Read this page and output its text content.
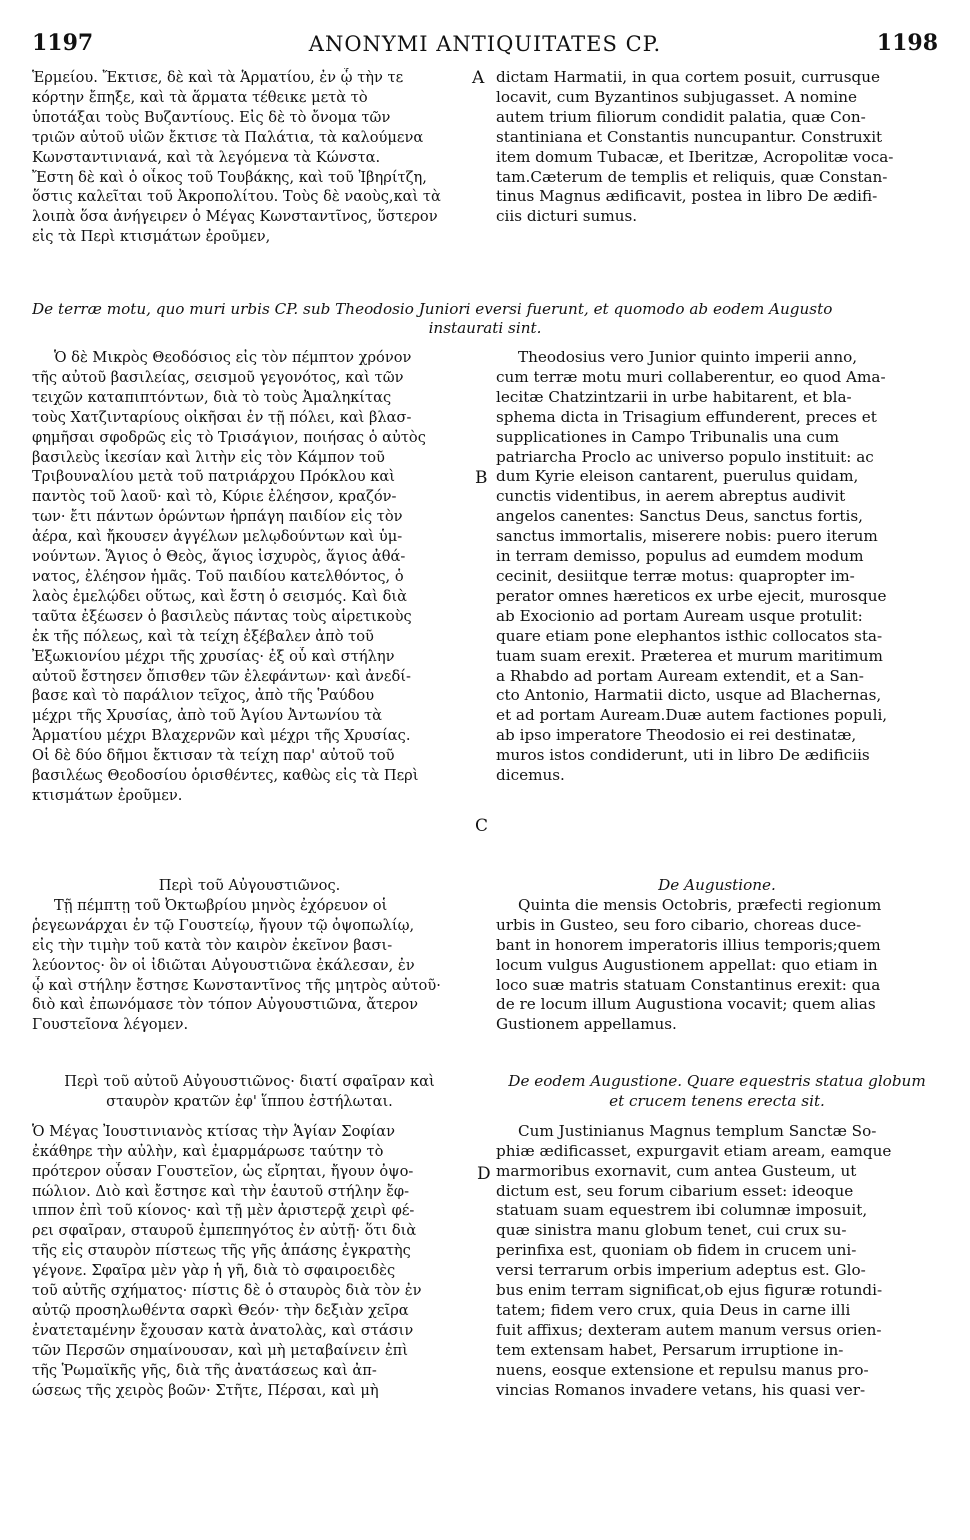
1197	ANONYMI ANTIQUITATES CP.	1198
A
B
C
D
Ἑρμείου. Ἔκτισε, δὲ καὶ τὰ Ἁρματίου, ἐν ᾧ τὴν τε
κόρτην ἔπηξε, καὶ τὰ ἅρματα τέθεικε μετὰ τὸ
ὑποτάξαι τοὺς Βυζαντίους. Εἰς δὲ τὸ ὄνομα τῶν
τριῶν αὐτοῦ υἱῶν ἔκτισε τὰ Παλάτια, τὰ καλούμενα
Κωνσταντινιανά, καὶ τὰ λεγόμενα τὰ Κώνστα.
Ἔστη δὲ καὶ ὁ οἶκος τοῦ Τουβάκης, καὶ τοῦ Ἰβηρίτζη,
ὅστις καλεῖται τοῦ Ἀκροπολίτου. Τοὺς δὲ ναοὺς,καὶ τὰ
λοιπὰ ὅσα ἀνήγειρεν ὁ Μέγας Κωνσταντῖνος, ὕστερον
εἰς τὰ Περὶ κτισμάτων ἐροῦμεν,
dictam Harmatii, in qua cortem posuit, currusque
locavit, cum Byzantinos subjugasset. A nomine
autem trium filiorum condidit palatia, quæ Con-
stantiniana et Constantis nuncupantur. Construxit
item domum Tubacæ, et Iberitzæ, Acropolitæ voca-
tam.Cæterum de templis et reliquis, quæ Constan-
tinus Magnus ædificavit, postea in libro De ædifi-
ciis dicturi sumus.
De terræ motu, quo muri urbis CP. sub Theodosio Juniori eversi fuerunt, et quomodo ab eodem Augusto
instaurati sint.
Ὁ δὲ Μικρὸς Θεοδόσιος εἰς τὸν πέμπτον χρόνον
τῆς αὐτοῦ βασιλείας, σεισμοῦ γεγονότος, καὶ τῶν
τειχῶν καταπιπτόντων, διὰ τὸ τοὺς Ἀμαληκίτας
τοὺς Χατζινταρίους οἰκῆσαι ἐν τῇ πόλει, καὶ βλασ-
φημῆσαι σφοδρῶς εἰς τὸ Τρισάγιον, ποιήσας ὁ αὐτὸς
βασιλεὺς ἱκεσίαν καὶ λιτὴν εἰς τὸν Κάμπον τοῦ
Τριβουναλίου μετὰ τοῦ πατριάρχου Πρόκλου καὶ
παντὸς τοῦ λαοῦ· καὶ τὸ, Κύριε ἐλέησον, κραζόν-
των· ἔτι πάντων ὁρώντων ἡρπάγη παιδίον εἰς τὸν
ἀέρα, καὶ ἤκουσεν ἀγγέλων μελῳδούντων καὶ ὑμ-
νούντων. Ἅγιος ὁ Θεὸς, ἅγιος ἰσχυρὸς, ἅγιος ἀθά-
νατος, ἐλέησον ἡμᾶς. Τοῦ παιδίου κατελθόντος, ὁ
λαὸς ἐμελῴδει οὕτως, καὶ ἔστη ὁ σεισμός. Καὶ διὰ
ταῦτα ἐξέωσεν ὁ βασιλεὺς πάντας τοὺς αἱρετικοὺς
ἐκ τῆς πόλεως, καὶ τὰ τείχη ἐξέβαλεν ἀπὸ τοῦ
Ἐξωκιονίου μέχρι τῆς χρυσίας· ἐξ οὗ καὶ στήλην
αὐτοῦ ἔστησεν ὄπισθεν τῶν ἐλεφάντων· καὶ ἀνεδί-
βασε καὶ τὸ παράλιον τεῖχος, ἀπὸ τῆς Ῥαύδου
μέχρι τῆς Χρυσίας, ἀπὸ τοῦ Ἁγίου Ἀντωνίου τὰ
Ἁρματίου μέχρι Βλαχερνῶν καὶ μέχρι τῆς Χρυσίας.
Οἱ δὲ δύο δῆμοι ἔκτισαν τὰ τείχη παρ' αὐτοῦ τοῦ
βασιλέως Θεοδοσίου ὁρισθέντες, καθὼς εἰς τὰ Περὶ
κτισμάτων ἐροῦμεν.
Theodosius vero Junior quinto imperii anno,
cum terræ motu muri collaberentur, eo quod Ama-
lecitæ Chatzintzarii in urbe habitarent, et bla-
sphema dicta in Trisagium effunderent, preces et
supplicationes in Campo Tribunalis una cum
patriarcha Proclo ac universo populo instituit: ac
dum Kyrie eleison cantarent, puerulus quidam,
cunctis videntibus, in aerem abreptus audivit
angelos canentes: Sanctus Deus, sanctus fortis,
sanctus immortalis, miserere nobis: puero iterum
in terram demisso, populus ad eumdem modum
cecinit, desiitque terræ motus: quapropter im-
perator omnes hæreticos ex urbe ejecit, murosque
ab Exocionio ad portam Auream usque protulit:
quare etiam pone elephantos isthic collocatos sta-
tuam suam erexit. Præterea et murum maritimum
a Rhabdo ad portam Auream extendit, et a San-
cto Antonio, Harmatii dicto, usque ad Blachernas,
et ad portam Auream.Duæ autem factiones populi,
ab ipso imperatore Theodosio ei rei destinatæ,
muros istos condiderunt, uti in libro De ædificiis
dicemus.
Περὶ τοῦ Αὐγουστιῶνος.
Τῇ πέμπτῃ τοῦ Ὀκτωβρίου μηνὸς ἐχόρευον οἱ
ῥεγεωνάρχαι ἐν τῷ Γουστείῳ, ἤγουν τῷ ὀψοπωλίῳ,
εἰς τὴν τιμὴν τοῦ κατὰ τὸν καιρὸν ἐκεῖνον βασι-
λεύοντος· ὃν οἱ ἰδιῶται Αὐγουστιῶνα ἐκάλεσαν, ἐν
ᾧ καὶ στήλην ἔστησε Κωνσταντῖνος τῆς μητρὸς αὐτοῦ·
διὸ καὶ ἐπωνόμασε τὸν τόπον Αὐγουστιῶνα, ἄτερον
Γουστεῖονα λέγομεν.
De Augustione.
Quinta die mensis Octobris, præfecti regionum
urbis in Gusteo, seu foro cibario, choreas duce-
bant in honorem imperatoris illius temporis;quem
locum vulgus Augustionem appellat: quo etiam in
loco suæ matris statuam Constantinus erexit: qua
de re locum illum Augustiona vocavit; quem alias
Gustionem appellamus.
Περὶ τοῦ αὐτοῦ Αὐγουστιῶνος· διατί σφαῖραν καὶ
σταυρὸν κρατῶν ἐφ' ἵππου ἐστήλωται.
Ὁ Μέγας Ἰουστινιανὸς κτίσας τὴν Ἁγίαν Σοφίαν
ἐκάθηρε τὴν αὐλὴν, καὶ ἐμαρμάρωσε ταύτην τὸ
πρότερον οὖσαν Γουστεῖον, ὡς εἴρηται, ἤγουν ὀψο-
πώλιον. Διὸ καὶ ἔστησε καὶ τὴν ἑαυτοῦ στήλην ἔφ-
ιππον ἐπὶ τοῦ κίονος· καὶ τῇ μὲν ἀριστερᾷ χειρὶ φέ-
ρει σφαῖραν, σταυροῦ ἐμπεπηγότος ἐν αὐτῇ· ὅτι διὰ
τῆς εἰς σταυρὸν πίστεως τῆς γῆς ἁπάσης ἐγκρατὴς
γέγονε. Σφαῖρα μὲν γὰρ ἡ γῆ, διὰ τὸ σφαιροειδὲς
τοῦ αὐτῆς σχήματος· πίστις δὲ ὁ σταυρὸς διὰ τὸν ἐν
αὐτῷ προσηλωθέντα σαρκὶ Θεόν· τὴν δεξιὰν χεῖρα
ἐνατεταμένην ἔχουσαν κατὰ ἀνατολὰς, καὶ στάσιν
τῶν Περσῶν σημαίνουσαν, καὶ μὴ μεταβαίνειν ἐπὶ
τῆς Ῥωμαϊκῆς γῆς, διὰ τῆς ἀνατάσεως καὶ ἀπ-
ώσεως τῆς χειρὸς βοῶν· Στῆτε, Πέρσαι, καὶ μὴ
De eodem Augustione. Quare equestris statua globum
et crucem tenens erecta sit.
Cum Justinianus Magnus templum Sanctæ So-
phiæ ædificasset, expurgavit etiam aream, eamque
marmoribus exornavit, cum antea Gusteum, ut
dictum est, seu forum cibarium esset: ideoque
statuam suam equestrem ibi columnæ imposuit,
quæ sinistra manu globum tenet, cui crux su-
perinfixa est, quoniam ob fidem in crucem uni-
versi terrarum orbis imperium adeptus est. Glo-
bus enim terram significat,ob ejus figuræ rotundi-
tatem; fidem vero crux, quia Deus in carne illi
fuit affixus; dexteram autem manum versus orien-
tem extensam habet, Persarum irruptione in-
nuens, eosque extensione et repulsu manus pro-
vincias Romanos invadere vetans, his quasi ver-
